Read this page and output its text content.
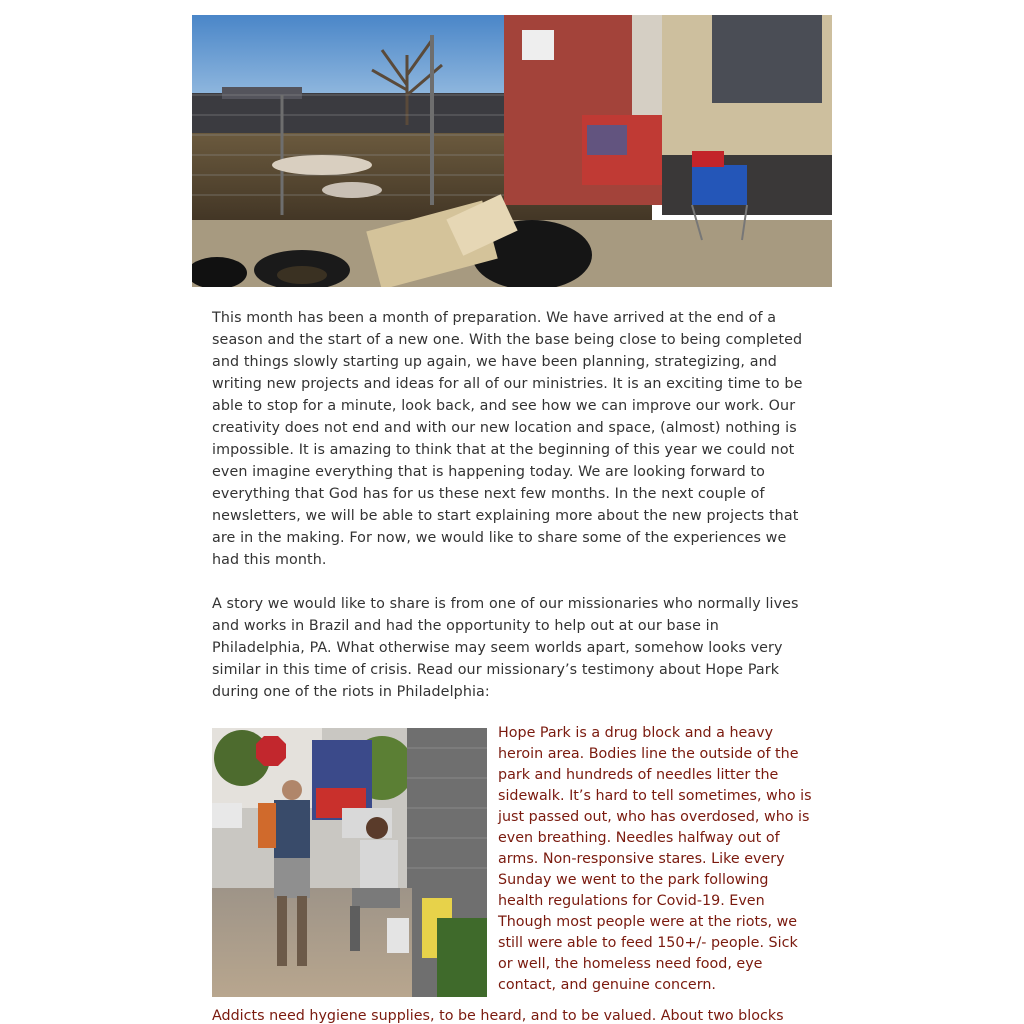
This month has been a month of preparation. We have arrived at the end of a season and the start of a new one. With the base being close to being completed and things slowly starting up again, we have been planning, strategizing, and writing new projects and ideas for all of our ministries. It is an exciting time to be able to stop for a minute, look back, and see how we can improve our work. Our creativity does not end and with our new location and space, (almost) nothing is impossible. It is amazing to think that at the beginning of this year we could not even imagine everything that is happening today. We are looking forward to everything that God has for us these next few months. In the next couple of newsletters, we will be able to start explaining more about the new projects that are in the making. For now, we would like to share some of the experiences we had this month.

A story we would like to share is from one of our missionaries who normally lives and works in Brazil and had the opportunity to help out at our base in Philadelphia, PA. What otherwise may seem worlds apart, somehow looks very similar in this time of crisis. Read our missionary’s testimony about Hope Park during one of the riots in Philadelphia:

Hope Park is a drug block and a heavy heroin area. Bodies line the outside of the park and hundreds of needles litter the sidewalk. It’s hard to tell sometimes, who is just passed out, who has overdosed, who is even breathing. Needles halfway out of arms. Non-responsive stares. Like every Sunday we went to the park following health regulations for Covid-19. Even Though most people were at the riots, we still were able to feed 150+/- people. Sick or well, the homeless need food, eye contact, and genuine concern.

Addicts need hygiene supplies, to be heard, and to be valued. About two blocks
